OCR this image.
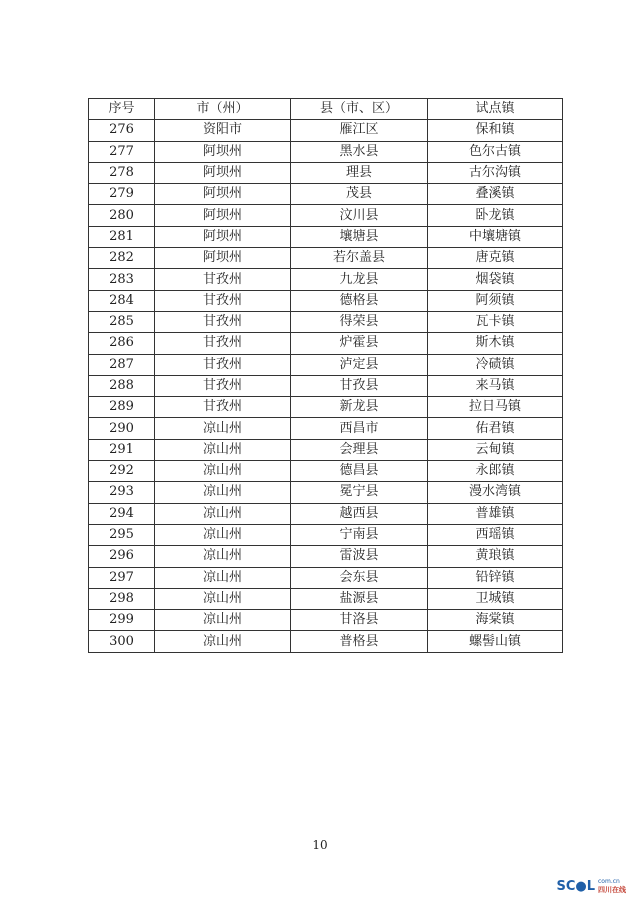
序号	市（州）	县（市、区）	试点镇
276	资阳市	雁江区	保和镇
277	阿坝州	黑水县	色尔古镇
278	阿坝州	理县	古尔沟镇
279	阿坝州	茂县	叠溪镇
280	阿坝州	汶川县	卧龙镇
281	阿坝州	壤塘县	中壤塘镇
282	阿坝州	若尔盖县	唐克镇
283	甘孜州	九龙县	烟袋镇
284	甘孜州	德格县	阿须镇
285	甘孜州	得荣县	瓦卡镇
286	甘孜州	炉霍县	斯木镇
287	甘孜州	泸定县	冷碛镇
288	甘孜州	甘孜县	来马镇
289	甘孜州	新龙县	拉日马镇
290	凉山州	西昌市	佑君镇
291	凉山州	会理县	云甸镇
292	凉山州	德昌县	永郎镇
293	凉山州	冕宁县	漫水湾镇
294	凉山州	越西县	普雄镇
295	凉山州	宁南县	西瑶镇
296	凉山州	雷波县	黄琅镇
297	凉山州	会东县	铅锌镇
298	凉山州	盐源县	卫城镇
299	凉山州	甘洛县	海棠镇
300	凉山州	普格县	螺髻山镇
10
SC●L com.cn
四川在线
